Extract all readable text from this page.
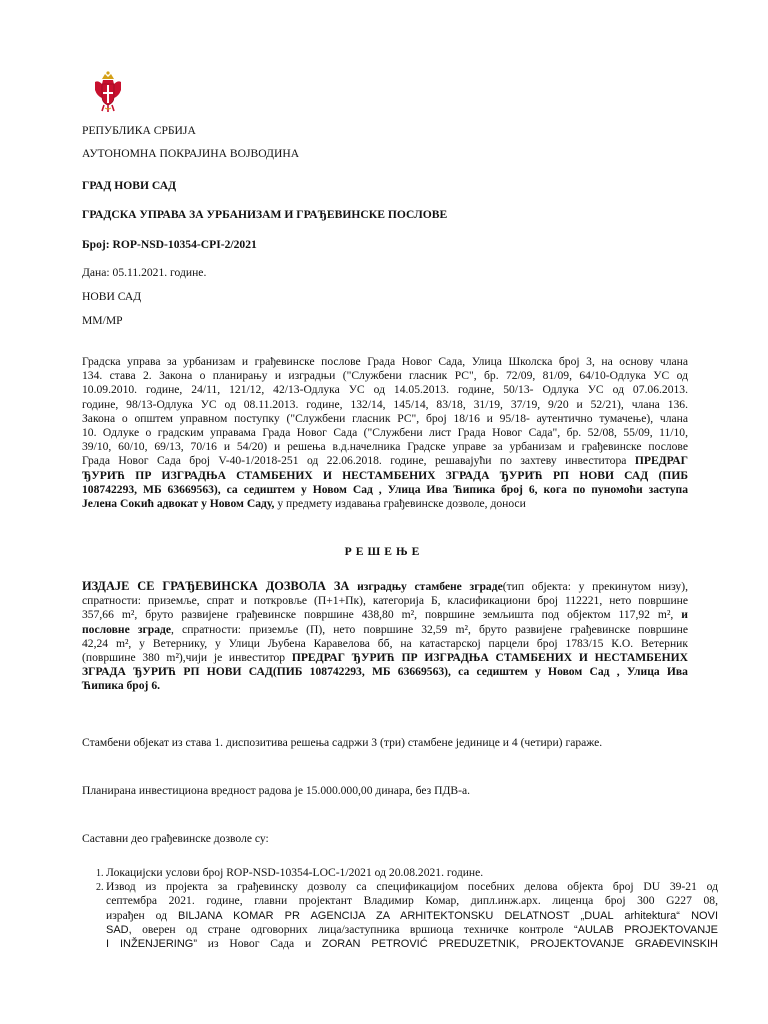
РЕПУБЛИКА СРБИЈА
АУТОНОМНА ПОКРАЈИНА ВОЈВОДИНА
ГРАД НОВИ САД
ГРАДСКА УПРАВА ЗА УРБАНИЗАМ И ГРАЂЕВИНСКЕ ПОСЛОВЕ
Број: ROP-NSD-10354-CPI-2/2021
Дана: 05.11.2021. године.
НОВИ САД
ММ/МР

Градска управа за урбанизам и грађевинске послове Града Новог Сада, Улица Школска број 3, на основу члана

134. става 2. Закона о планирању и изградњи ("Службени гласник РС", бр. 72/09, 81/09, 64/10-Одлука УС од

10.09.2010. године, 24/11, 121/12, 42/13-Одлука УС од 14.05.2013. године, 50/13- Одлука УС од 07.06.2013.

године, 98/13-Одлука УС од 08.11.2013. године, 132/14, 145/14, 83/18, 31/19, 37/19, 9/20 и 52/21), члана 136.

Закона о општем управном поступку ("Службени гласник РС", број 18/16 и 95/18- аутентично тумачење), члана

10. Одлуке о градским управама Града Новог Сада ("Службени лист Града Новог Сада", бр. 52/08, 55/09, 11/10,

39/10, 60/10, 69/13, 70/16 и 54/20) и решења в.д.начелника Градске управе за урбанизам и грађевинске послове

Града Новог Сада број V-40-1/2018-251 од 22.06.2018. године, решавајући по захтеву инвеститора ПРЕДРАГ

ЂУРИЋ ПР ИЗГРАДЊА СТАМБЕНИХ И НЕСТАМБЕНИХ ЗГРАДА ЂУРИЋ РП НОВИ САД (ПИБ

108742293, МБ 63669563), са седиштем у Новом Сад , Улица Ива Ћипика број 6, кога по пуномоћи заступа

Јелена Сокић адвокат у Новом Саду, у предмету издавања грађевинске дозволе, доноси

РЕШЕЊЕ

ИЗДАЈЕ СЕ ГРАЂЕВИНСКА ДОЗВОЛА ЗА изградњу стамбене зграде(тип објекта: у прекинутом низу),

спратности: приземље, спрат и поткровље (П+1+Пк), категорија Б, класификациони број 112221, нето површине

357,66 m², бруто развијене грађевинске површине 438,80 m², површине земљишта под објектом 117,92 m², и

пословне зграде, спратности: приземље (П), нето површине 32,59 m², бруто развијене грађевинске површине

42,24 m², у Ветернику, у Улици Љубена Каравелова бб, на катастарској парцели број 1783/15 К.О. Ветерник

(површине 380 m²),чији је инвеститор ПРЕДРАГ ЂУРИЋ ПР ИЗГРАДЊА СТАМБЕНИХ И НЕСТАМБЕНИХ

ЗГРАДА ЂУРИЋ РП НОВИ САД(ПИБ 108742293, МБ 63669563), са седиштем у Новом Сад , Улица Ива

Ћипика број 6.

Стамбени објекат из става 1. диспозитива решења садржи 3 (три) стамбене јединице и 4 (четири) гараже.
Планирана инвестициона вредност радова је 15.000.000,00 динара, без ПДВ-а.
Саставни део грађевинске дозволе су:

1. Локацијски услови број ROP-NSD-10354-LOC-1/2021 од 20.08.2021. године.

2. Извод из пројекта за грађевинску дозволу са спецификацијом посебних делова објекта број DU 39-21 од

септембра 2021. године, главни пројектант Владимир Комар, дипл.инж.арх. лиценца број 300 G227 08,

израђен од BILJANA KOMAR PR AGENCIJA ZA ARHITEKTONSKU DELATNOST „DUAL arhitektura“ NOVI

SAD, оверен од стране одговорних лица/заступника вршиоца техничке контроле “AULAB PROJEKTOVANJE

I INŽENJERING” из Новог Сада и ZORAN PETROVIĆ PREDUZETNIK, PROJEKTOVANJE GRAĐEVINSKIH
